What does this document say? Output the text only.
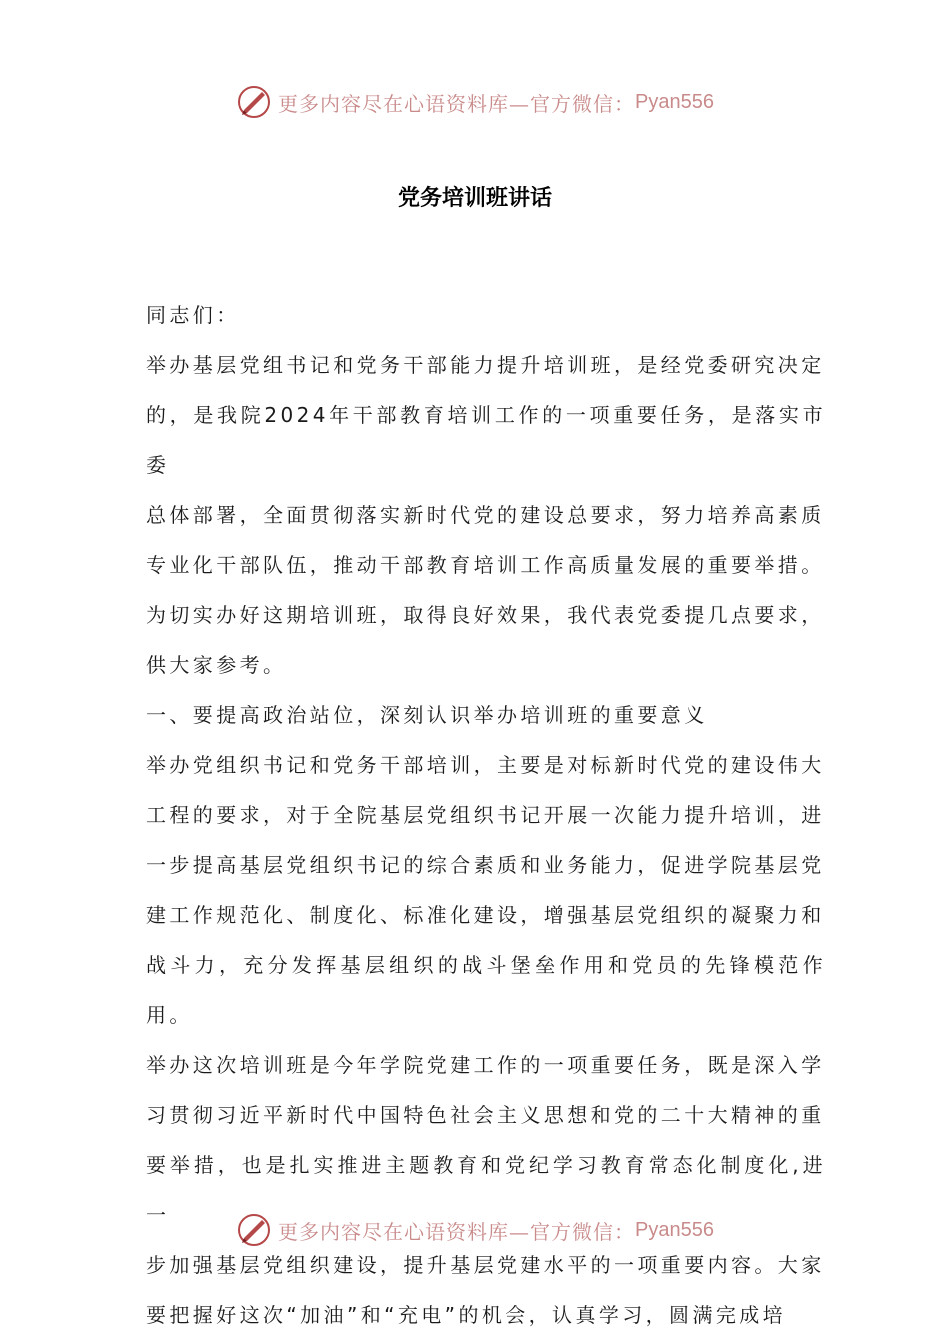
更多内容尽在心语资料库—官方微信： Pyan556
党务培训班讲话

同志们：

举办基层党组书记和党务干部能力提升培训班，是经党委研究决定

的，是我院2024年干部教育培训工作的一项重要任务，是落实市委

总体部署，全面贯彻落实新时代党的建设总要求，努力培养高素质

专业化干部队伍，推动干部教育培训工作高质量发展的重要举措。

为切实办好这期培训班，取得良好效果，我代表党委提几点要求，

供大家参考。

一、要提高政治站位，深刻认识举办培训班的重要意义

举办党组织书记和党务干部培训，主要是对标新时代党的建设伟大

工程的要求，对于全院基层党组织书记开展一次能力提升培训，进

一步提高基层党组织书记的综合素质和业务能力，促进学院基层党

建工作规范化、制度化、标准化建设，增强基层党组织的凝聚力和

战斗力，充分发挥基层组织的战斗堡垒作用和党员的先锋模范作用。

举办这次培训班是今年学院党建工作的一项重要任务，既是深入学

习贯彻习近平新时代中国特色社会主义思想和党的二十大精神的重

要举措，也是扎实推进主题教育和党纪学习教育常态化制度化,进一

步加强基层党组织建设，提升基层党建水平的一项重要内容。大家

要把握好这次“加油”和“充电”的机会，认真学习，圆满完成培

更多内容尽在心语资料库—官方微信： Pyan556
